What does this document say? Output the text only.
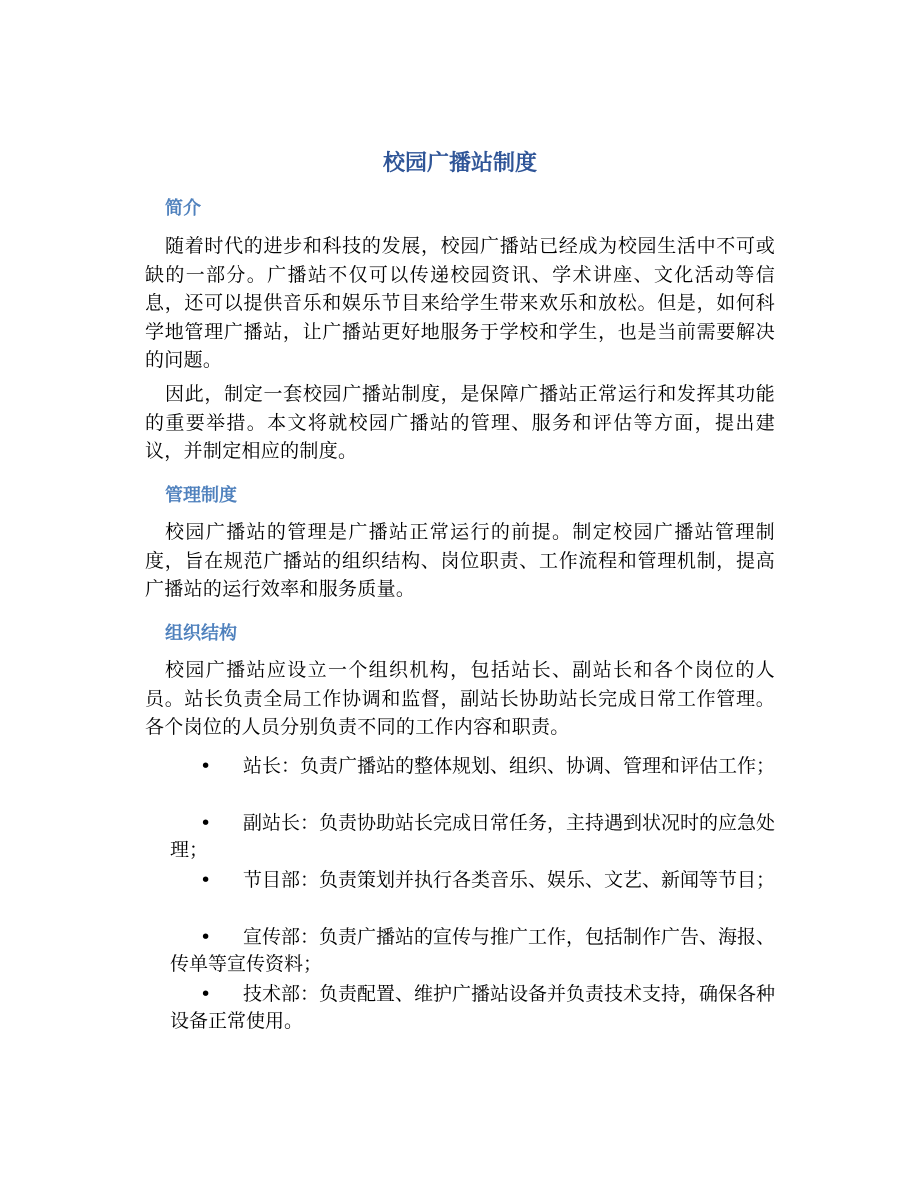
校园广播站制度
简介
随着时代的进步和科技的发展，校园广播站已经成为校园生活中不可或缺的一部分。广播站不仅可以传递校园资讯、学术讲座、文化活动等信息，还可以提供音乐和娱乐节目来给学生带来欢乐和放松。但是，如何科学地管理广播站，让广播站更好地服务于学校和学生，也是当前需要解决的问题。
因此，制定一套校园广播站制度，是保障广播站正常运行和发挥其功能的重要举措。本文将就校园广播站的管理、服务和评估等方面，提出建议，并制定相应的制度。
管理制度
校园广播站的管理是广播站正常运行的前提。制定校园广播站管理制度，旨在规范广播站的组织结构、岗位职责、工作流程和管理机制，提高广播站的运行效率和服务质量。
组织结构
校园广播站应设立一个组织机构，包括站长、副站长和各个岗位的人员。站长负责全局工作协调和监督，副站长协助站长完成日常工作管理。各个岗位的人员分别负责不同的工作内容和职责。
•	站长：负责广播站的整体规划、组织、协调、管理和评估工作；
•	副站长：负责协助站长完成日常任务，主持遇到状况时的应急处理；
•	节目部：负责策划并执行各类音乐、娱乐、文艺、新闻等节目；
•	宣传部：负责广播站的宣传与推广工作，包括制作广告、海报、传单等宣传资料；
•	技术部：负责配置、维护广播站设备并负责技术支持，确保各种设备正常使用。
